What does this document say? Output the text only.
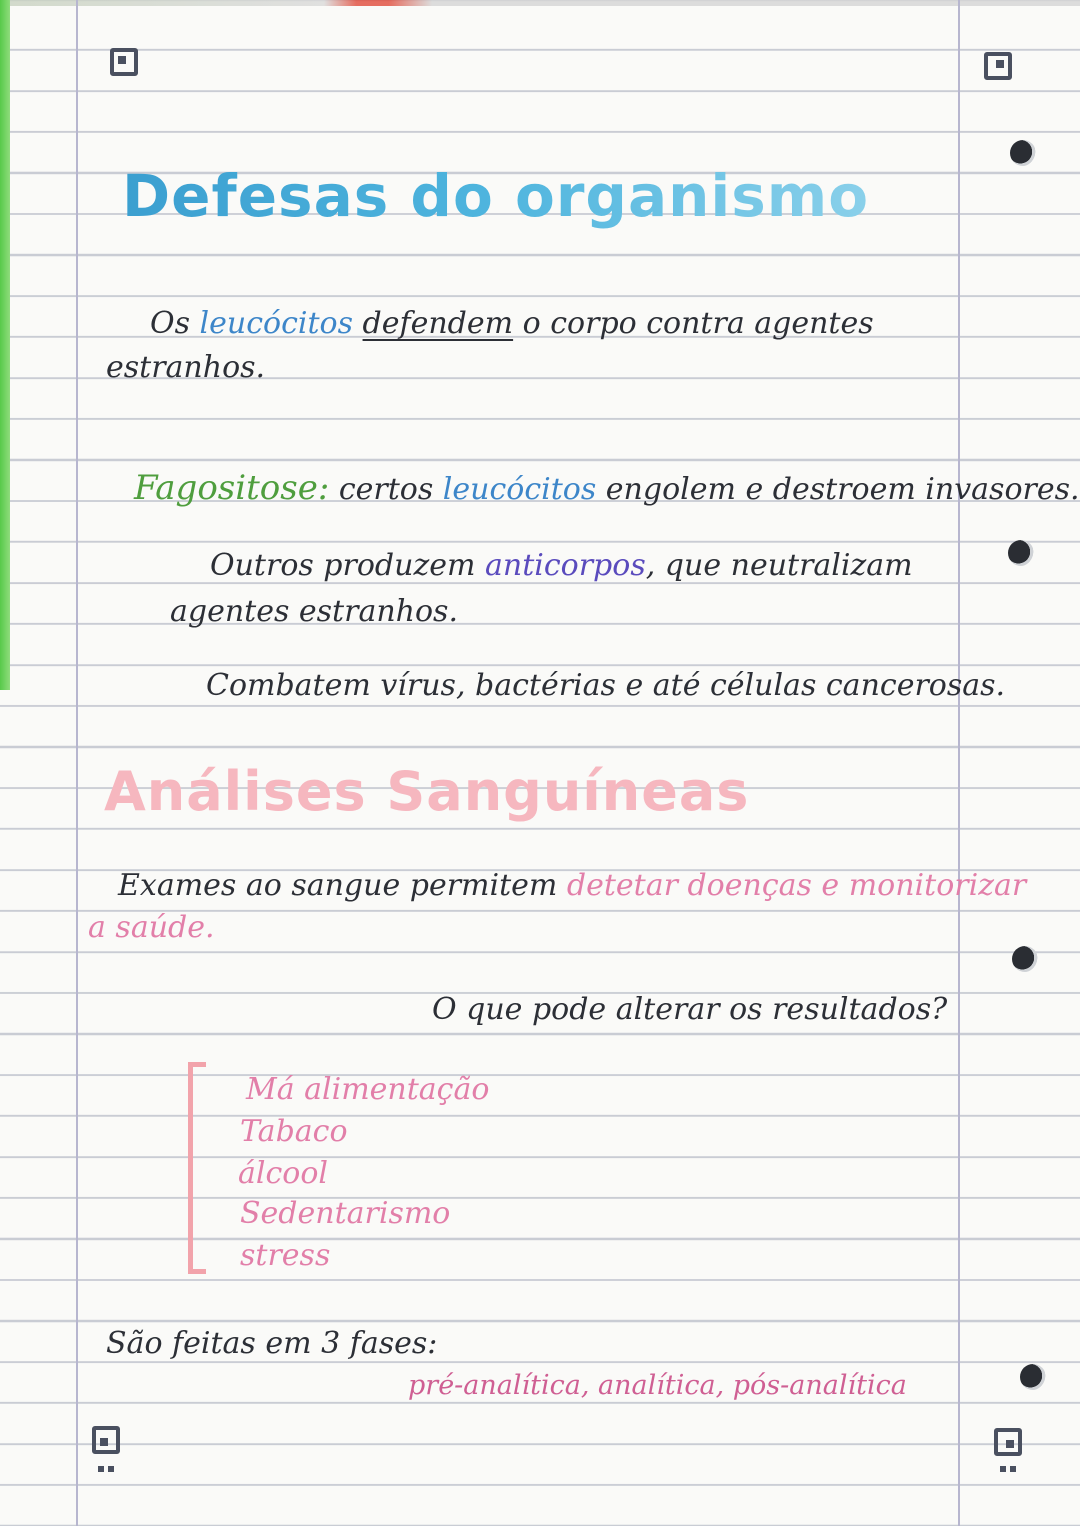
Defesas do organismo
Os leucócitos defendem o corpo contra agentes
estranhos.
Fagositose: certos leucócitos engolem e destroem invasores.
Outros produzem anticorpos, que neutralizam
agentes estranhos.
Combatem vírus, bactérias e até células cancerosas.
Análises Sanguíneas
Exames ao sangue permitem detetar doenças e monitorizar
a saúde.
O que pode alterar os resultados?
Má alimentação
Tabaco
álcool
Sedentarismo
stress
São feitas em 3 fases:
pré-analítica, analítica, pós-analítica
